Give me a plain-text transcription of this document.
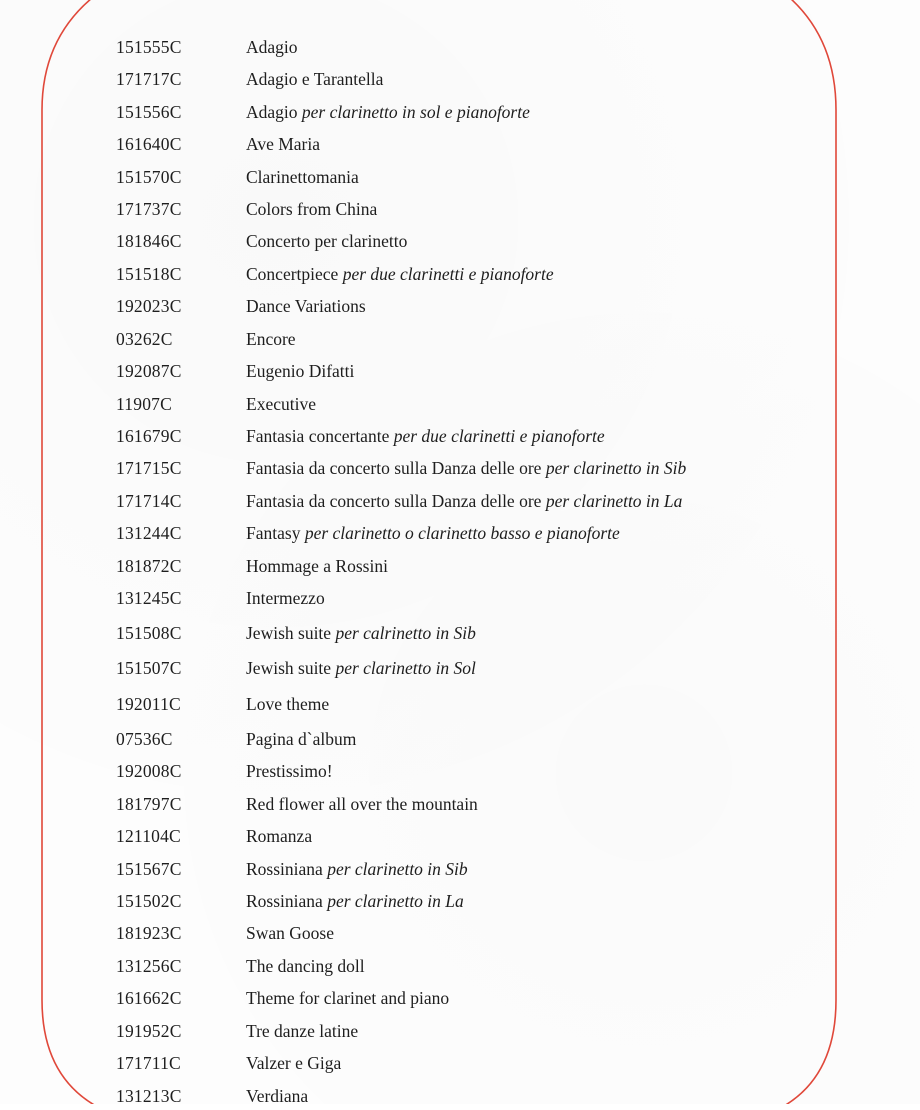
151555C	Adagio
171717C	Adagio e Tarantella
151556C	Adagio per clarinetto in sol e pianoforte
161640C	Ave Maria
151570C	Clarinettomania
171737C	Colors from China
181846C	Concerto per clarinetto
151518C	Concertpiece per due clarinetti e pianoforte
192023C	Dance Variations
03262C	Encore
192087C	Eugenio Difatti
11907C	Executive
161679C	Fantasia concertante per due clarinetti e pianoforte
171715C	Fantasia da concerto sulla Danza delle ore per clarinetto in Sib
171714C	Fantasia da concerto sulla Danza delle ore per clarinetto in La
131244C	Fantasy per clarinetto o clarinetto basso e pianoforte
181872C	Hommage a Rossini
131245C	Intermezzo
151508C	Jewish suite per calrinetto in Sib
151507C	Jewish suite per clarinetto in Sol
192011C	Love theme
07536C	Pagina d`album
192008C	Prestissimo!
181797C	Red flower all over the mountain
121104C	Romanza
151567C	Rossiniana per clarinetto in Sib
151502C	Rossiniana per clarinetto in La
181923C	Swan Goose
131256C	The dancing doll
161662C	Theme for clarinet and piano
191952C	Tre danze latine
171711C	Valzer e Giga
131213C	Verdiana
